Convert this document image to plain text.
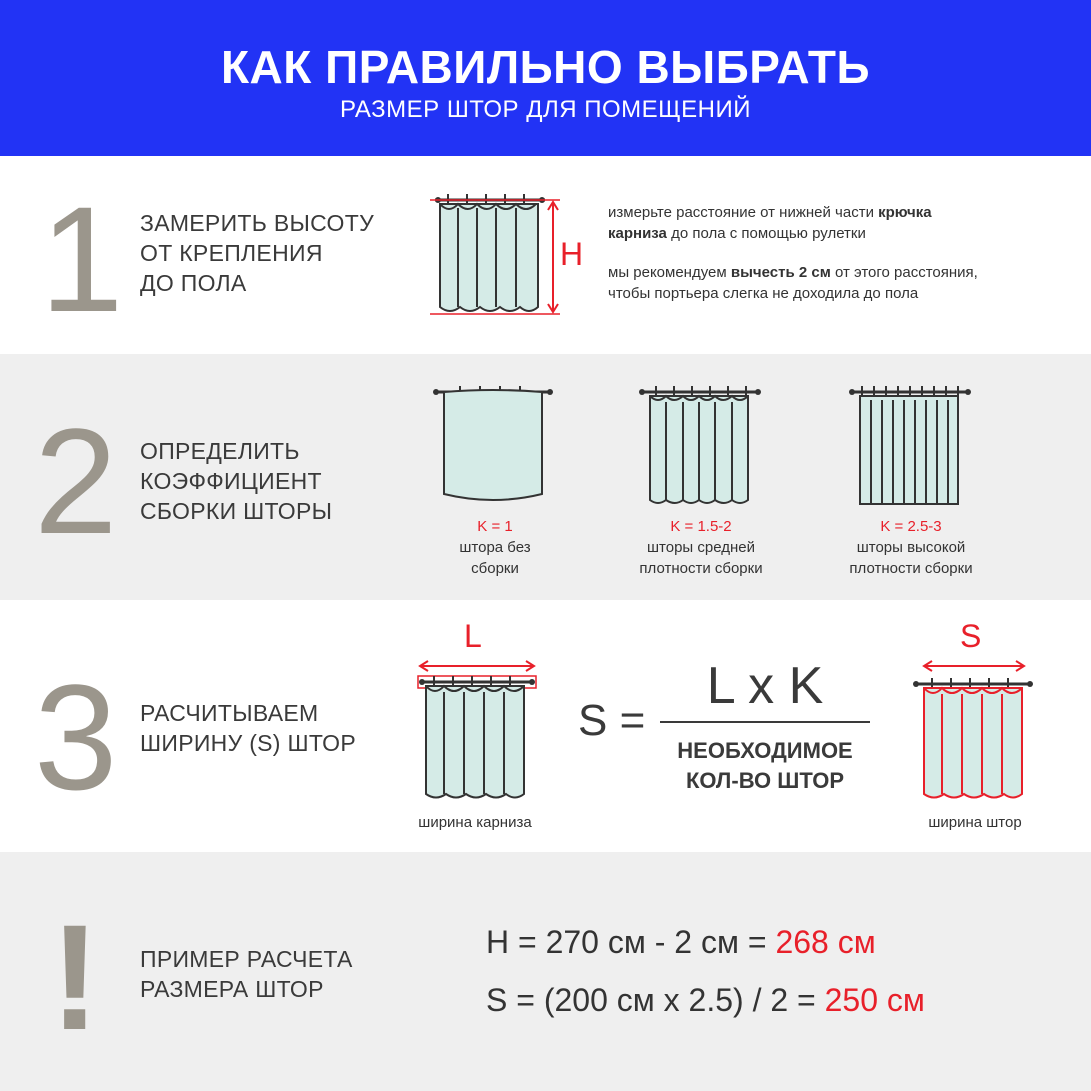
КАК ПРАВИЛЬНО ВЫБРАТЬ
РАЗМЕР ШТОР ДЛЯ ПОМЕЩЕНИЙ
1 ЗАМЕРИТЬ ВЫСОТУ
ОТ КРЕПЛЕНИЯ
ДО ПОЛА
H
измерьте расстояние от нижней части крючка
карниза до пола с помощью рулетки
мы рекомендуем вычесть 2 см от этого расстояния,
чтобы портьера слегка не доходила до пола
2 ОПРЕДЕЛИТЬ
КОЭФФИЦИЕНТ
СБОРКИ ШТОРЫ
K = 1
штора без
сборки
K = 1.5-2
шторы средней
плотности сборки
K = 2.5-3
шторы высокой
плотности сборки
3 РАСЧИТЫВАЕМ
ШИРИНУ (S) ШТОР
L
ширина карниза
S =
L x K
НЕОБХОДИМОЕ
КОЛ-ВО ШТОР
S
ширина штор
! ПРИМЕР РАСЧЕТА
РАЗМЕРА ШТОР
H = 270 см - 2 см = 268 см
S = (200 см x 2.5) / 2 = 250 см
